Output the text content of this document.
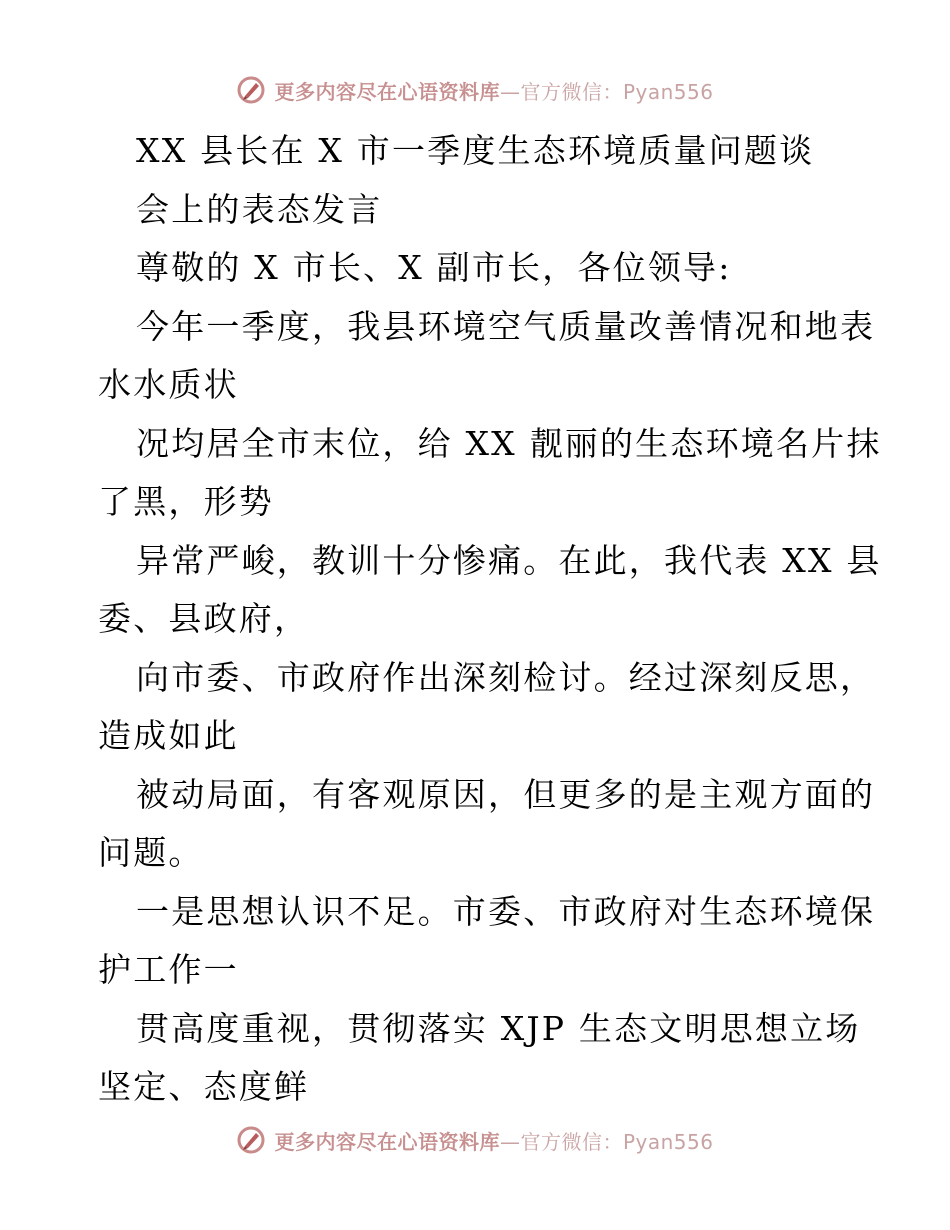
更多内容尽在心语资料库—官方微信：Pyan556
XX 县长在 X 市一季度生态环境质量问题谈
会上的表态发言
尊敬的 X 市长、X 副市长，各位领导:
今年一季度，我县环境空气质量改善情况和地表
水水质状
况均居全市末位，给 XX 靓丽的生态环境名片抹
了黑，形势
异常严峻，教训十分惨痛。在此，我代表 XX 县
委、县政府，
向市委、市政府作出深刻检讨。经过深刻反思，
造成如此
被动局面，有客观原因，但更多的是主观方面的
问题。
一是思想认识不足。市委、市政府对生态环境保
护工作一
贯高度重视，贯彻落实 XJP 生态文明思想立场
坚定、态度鲜
更多内容尽在心语资料库—官方微信：Pyan556
